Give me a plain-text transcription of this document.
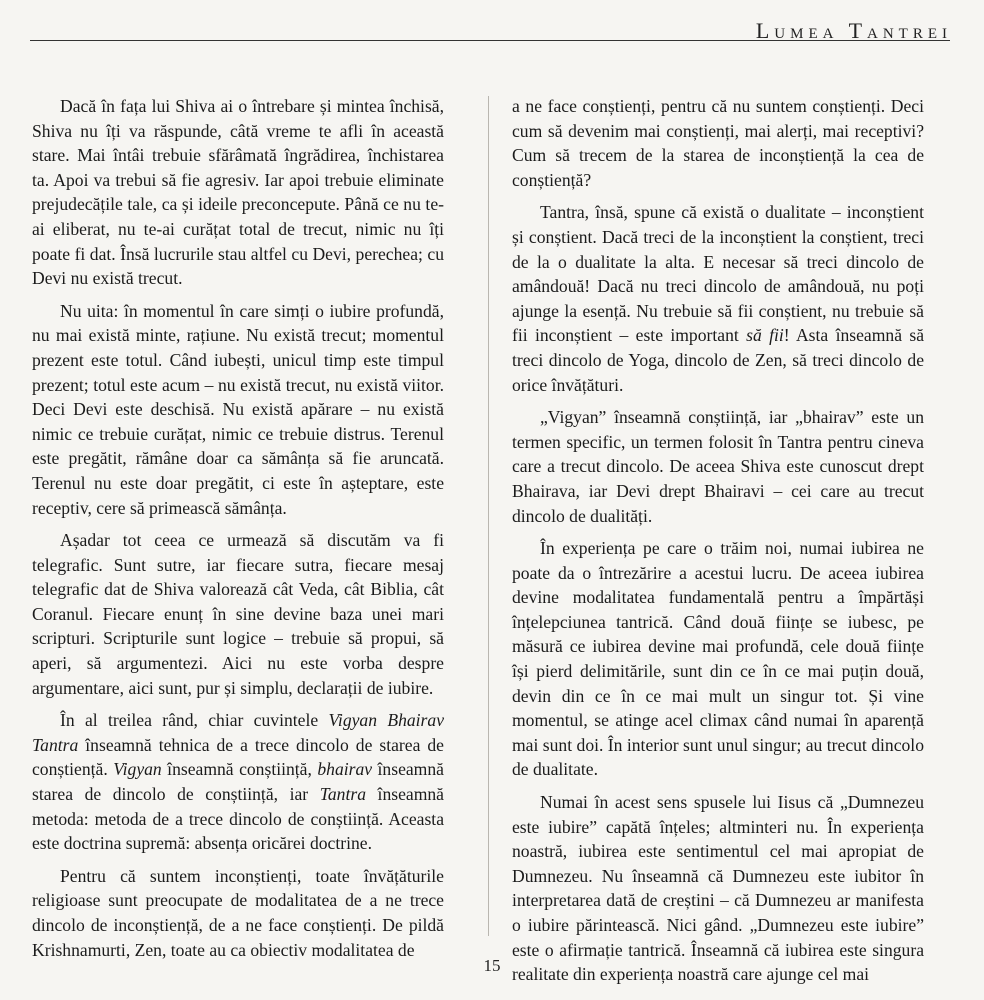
Lumea Tantrei

Dacă în fața lui Shiva ai o întrebare și mintea închisă, Shiva nu îți va răspunde, câtă vreme te afli în această stare. Mai întâi trebuie sfărâmată îngrădirea, închistarea ta. Apoi va trebui să fie agresiv. Iar apoi trebuie eliminate prejudecățile tale, ca și ideile preconcepute. Până ce nu te-ai eliberat, nu te-ai curățat total de trecut, nimic nu îți poate fi dat. Însă lucrurile stau altfel cu Devi, perechea; cu Devi nu există trecut.

Nu uita: în momentul în care simți o iubire profundă, nu mai există minte, rațiune. Nu există trecut; momentul prezent este totul. Când iubești, unicul timp este timpul prezent; totul este acum – nu există trecut, nu există viitor. Deci Devi este deschisă. Nu există apărare – nu există nimic ce trebuie curățat, nimic ce trebuie distrus. Terenul este pregătit, rămâne doar ca sămânța să fie aruncată. Terenul nu este doar pregătit, ci este în așteptare, este receptiv, cere să primească sămânța.

Așadar tot ceea ce urmează să discutăm va fi telegrafic. Sunt sutre, iar fiecare sutra, fiecare mesaj telegrafic dat de Shiva valorează cât Veda, cât Biblia, cât Coranul. Fiecare enunț în sine devine baza unei mari scripturi. Scripturile sunt logice – trebuie să propui, să aperi, să argumentezi. Aici nu este vorba despre argumentare, aici sunt, pur și simplu, declarații de iubire.

În al treilea rând, chiar cuvintele Vigyan Bhairav Tantra înseamnă tehnica de a trece dincolo de starea de conștiență. Vigyan înseamnă conștiință, bhairav înseamnă starea de dincolo de conștiință, iar Tantra înseamnă metoda: metoda de a trece dincolo de conștiință. Aceasta este doctrina supremă: absența oricărei doctrine.

Pentru că suntem inconștienți, toate învățăturile religioase sunt preocupate de modalitatea de a ne trece dincolo de inconștiență, de a ne face conștienți. De pildă Krishnamurti, Zen, toate au ca obiectiv modalitatea de

a ne face conștienți, pentru că nu suntem conștienți. Deci cum să devenim mai conștienți, mai alerți, mai receptivi? Cum să trecem de la starea de inconștiență la cea de conștiență?

Tantra, însă, spune că există o dualitate – inconștient și conștient. Dacă treci de la inconștient la conștient, treci de la o dualitate la alta. E necesar să treci dincolo de amândouă! Dacă nu treci dincolo de amândouă, nu poți ajunge la esență. Nu trebuie să fii conștient, nu trebuie să fii inconștient – este important să fii! Asta înseamnă să treci dincolo de Yoga, dincolo de Zen, să treci dincolo de orice învățături.

„Vigyan” înseamnă conștiință, iar „bhairav” este un termen specific, un termen folosit în Tantra pentru cineva care a trecut dincolo. De aceea Shiva este cunoscut drept Bhairava, iar Devi drept Bhairavi – cei care au trecut dincolo de dualități.

În experiența pe care o trăim noi, numai iubirea ne poate da o întrezărire a acestui lucru. De aceea iubirea devine modalitatea fundamentală pentru a împărtăși înțelepciunea tantrică. Când două ființe se iubesc, pe măsură ce iubirea devine mai profundă, cele două ființe își pierd delimitările, sunt din ce în ce mai puțin două, devin din ce în ce mai mult un singur tot. Și vine momentul, se atinge acel climax când numai în aparență mai sunt doi. În interior sunt unul singur; au trecut dincolo de dualitate.

Numai în acest sens spusele lui Iisus că „Dumnezeu este iubire” capătă înțeles; altminteri nu. În experiența noastră, iubirea este sentimentul cel mai apropiat de Dumnezeu. Nu înseamnă că Dumnezeu este iubitor în interpretarea dată de creștini – că Dumnezeu ar manifesta o iubire părintească. Nici gând. „Dumnezeu este iubire” este o afirmație tantrică. Înseamnă că iubirea este singura realitate din experiența noastră care ajunge cel mai

15
